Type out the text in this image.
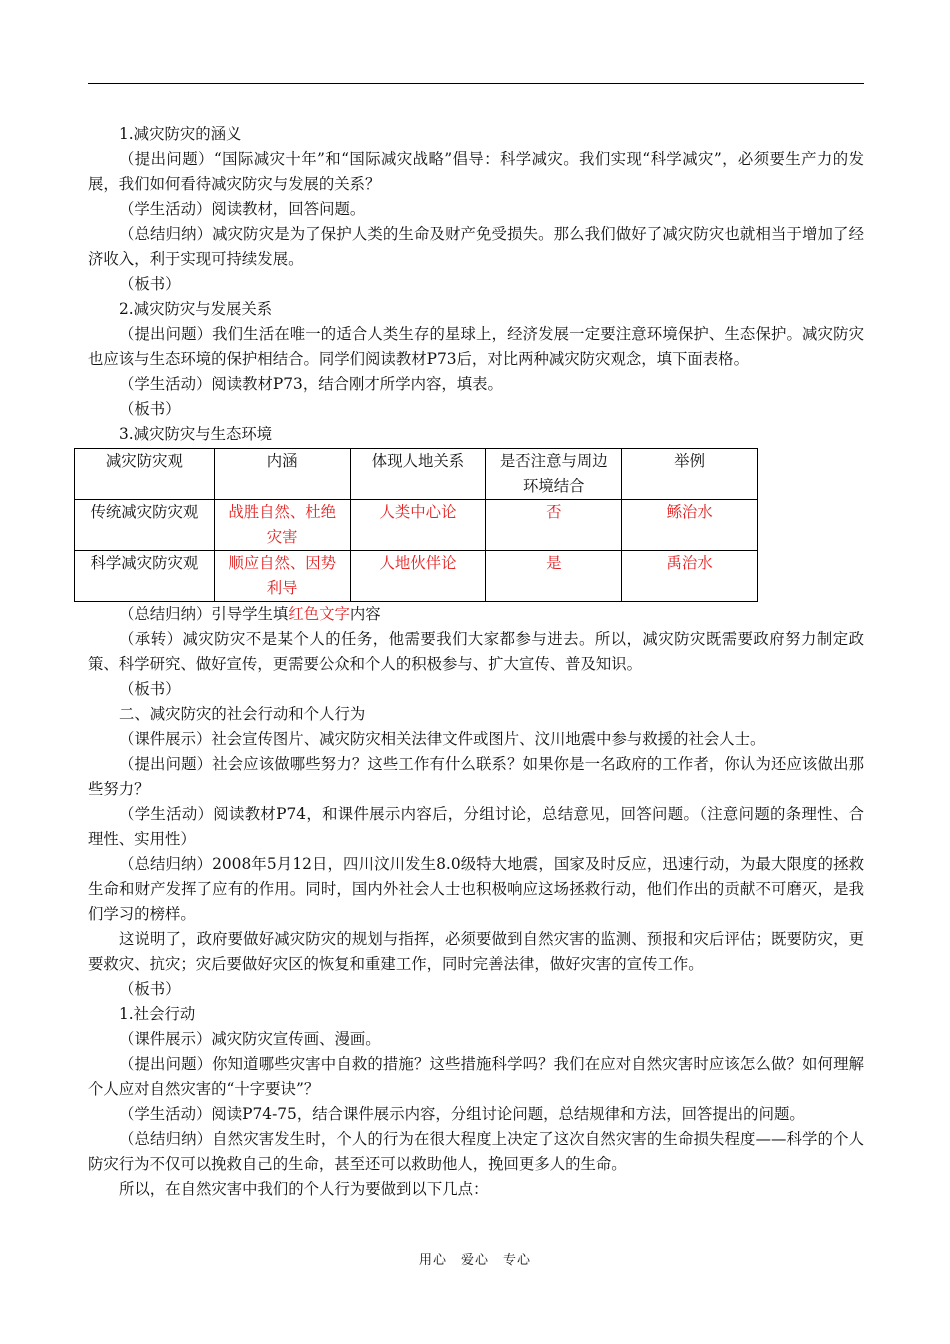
1.减灾防灾的涵义

（提出问题）“国际减灾十年”和“国际减灾战略”倡导：科学减灾。我们实现“科学减灾”，必须要生产力的发展，我们如何看待减灾防灾与发展的关系？

（学生活动）阅读教材，回答问题。

（总结归纳）减灾防灾是为了保护人类的生命及财产免受损失。那么我们做好了减灾防灾也就相当于增加了经济收入，利于实现可持续发展。

（板书）

2.减灾防灾与发展关系

（提出问题）我们生活在唯一的适合人类生存的星球上，经济发展一定要注意环境保护、生态保护。减灾防灾也应该与生态环境的保护相结合。同学们阅读教材P73后，对比两种减灾防灾观念，填下面表格。

（学生活动）阅读教材P73，结合刚才所学内容，填表。

（板书）

3.减灾防灾与生态环境

减灾防灾观	内涵	体现人地关系	是否注意与周边环境结合	举例
传统减灾防灾观	战胜自然、杜绝灾害	人类中心论	否	鲧治水
科学减灾防灾观	顺应自然、因势利导	人地伙伴论	是	禹治水

（总结归纳）引导学生填红色文字内容

（承转）减灾防灾不是某个人的任务，他需要我们大家都参与进去。所以，减灾防灾既需要政府努力制定政策、科学研究、做好宣传，更需要公众和个人的积极参与、扩大宣传、普及知识。

（板书）

二、减灾防灾的社会行动和个人行为

（课件展示）社会宣传图片、减灾防灾相关法律文件或图片、汶川地震中参与救援的社会人士。

（提出问题）社会应该做哪些努力？这些工作有什么联系？如果你是一名政府的工作者，你认为还应该做出那些努力？

（学生活动）阅读教材P74，和课件展示内容后，分组讨论，总结意见，回答问题。（注意问题的条理性、合理性、实用性）

（总结归纳）2008年5月12日，四川汶川发生8.0级特大地震，国家及时反应，迅速行动，为最大限度的拯救生命和财产发挥了应有的作用。同时，国内外社会人士也积极响应这场拯救行动，他们作出的贡献不可磨灭，是我们学习的榜样。

这说明了，政府要做好减灾防灾的规划与指挥，必须要做到自然灾害的监测、预报和灾后评估；既要防灾，更要救灾、抗灾；灾后要做好灾区的恢复和重建工作，同时完善法律，做好灾害的宣传工作。

（板书）

1.社会行动

（课件展示）减灾防灾宣传画、漫画。

（提出问题）你知道哪些灾害中自救的措施？这些措施科学吗？我们在应对自然灾害时应该怎么做？如何理解个人应对自然灾害的“十字要诀”？

（学生活动）阅读P74-75，结合课件展示内容，分组讨论问题，总结规律和方法，回答提出的问题。

（总结归纳）自然灾害发生时，个人的行为在很大程度上决定了这次自然灾害的生命损失程度——科学的个人防灾行为不仅可以挽救自己的生命，甚至还可以救助他人，挽回更多人的生命。

所以，在自然灾害中我们的个人行为要做到以下几点：

用心　爱心　专心
